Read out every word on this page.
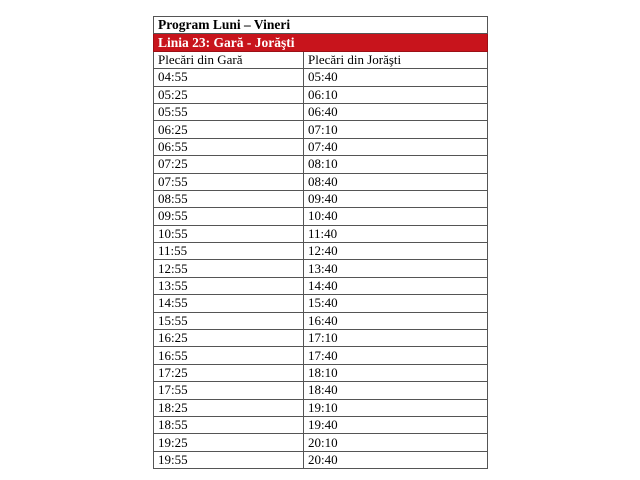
Program Luni – Vineri	
Linia 23: Gară - Jorăşti	
Plecări din Gară	Plecări din Jorăşti
04:55	05:40
05:25	06:10
05:55	06:40
06:25	07:10
06:55	07:40
07:25	08:10
07:55	08:40
08:55	09:40
09:55	10:40
10:55	11:40
11:55	12:40
12:55	13:40
13:55	14:40
14:55	15:40
15:55	16:40
16:25	17:10
16:55	17:40
17:25	18:10
17:55	18:40
18:25	19:10
18:55	19:40
19:25	20:10
19:55	20:40
